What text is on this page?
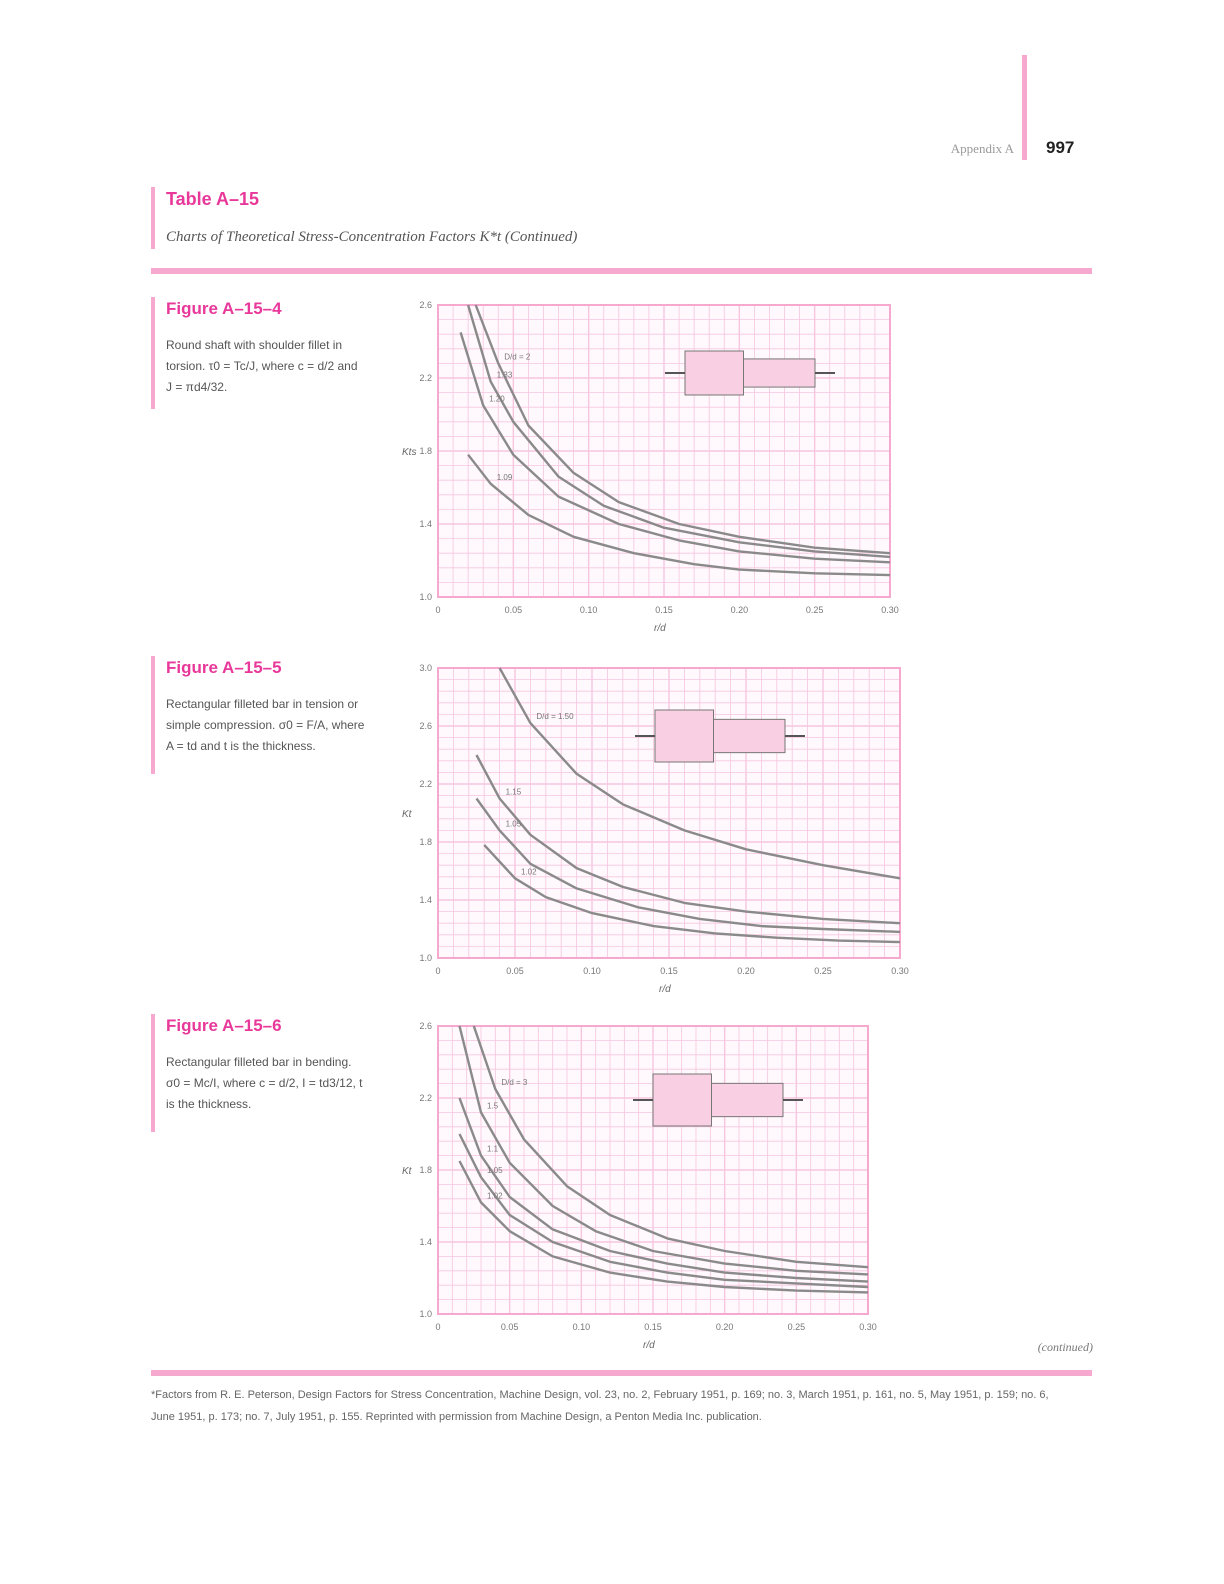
Appendix A 997
Table A–15
Charts of Theoretical Stress-Concentration Factors K*t (Continued)
Figure A–15–4
Round shaft with shoulder fillet in torsion. τ0 = Tc/J, where c = d/2 and J = πd4/32.
0	0.05	0.10	0.15	0.20	0.25	0.30
1.0
1.4
1.8
2.2
2.6
r/d
Kts
D/d = 2
1.33
1.20
1.09
Figure A–15–5
Rectangular filleted bar in tension or simple compression. σ0 = F/A, where A = td and t is the thickness.
0	0.05	0.10	0.15	0.20	0.25	0.30
1.0
1.4
1.8
2.2
2.6
3.0
r/d
Kt
D/d = 1.50
1.15
1.05
1.02
Figure A–15–6
Rectangular filleted bar in bending. σ0 = Mc/I, where c = d/2, I = td3/12, t is the thickness.
0	0.05	0.10	0.15	0.20	0.25	0.30
1.0
1.4
1.8
2.2
2.6
r/d
Kt
D/d = 3
1.5
1.1
1.05
1.02
(continued)
*Factors from R. E. Peterson, Design Factors for Stress Concentration, Machine Design, vol. 23, no. 2, February 1951, p. 169; no. 3, March 1951, p. 161, no. 5, May 1951, p. 159; no. 6, June 1951, p. 173; no. 7, July 1951, p. 155. Reprinted with permission from Machine Design, a Penton Media Inc. publication.
